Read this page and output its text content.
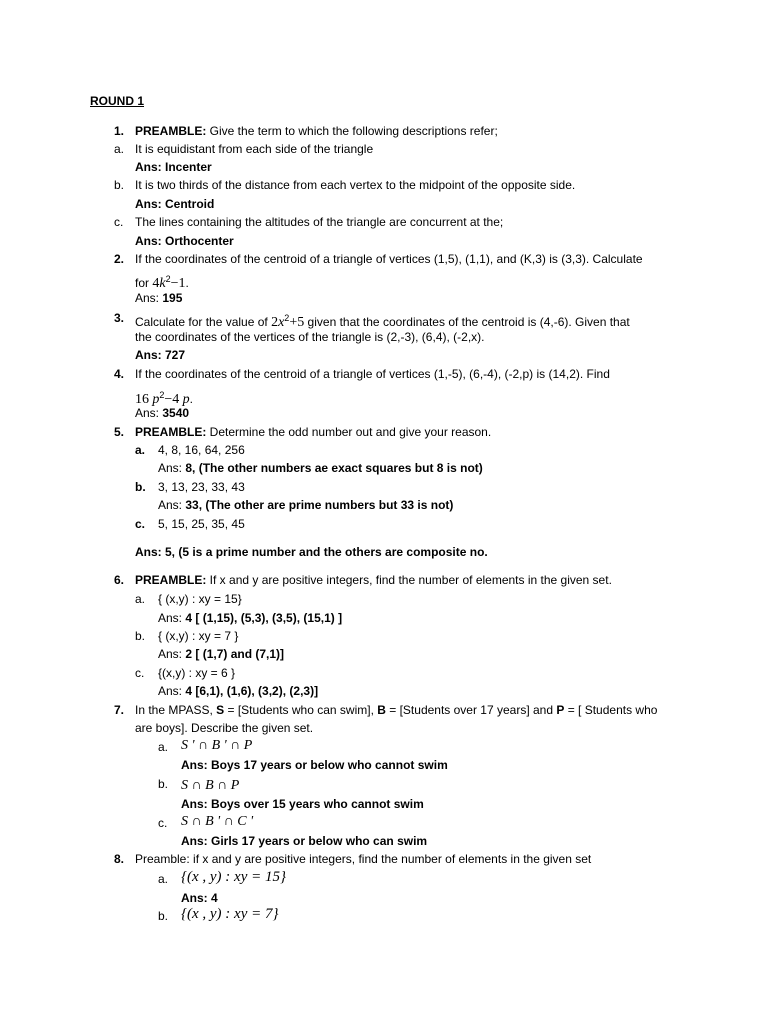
ROUND 1
1. PREAMBLE: Give the term to which the following descriptions refer;
a. It is equidistant from each side of the triangle
Ans: Incenter
b. It is two thirds of the distance from each vertex to the midpoint of the opposite side.
Ans: Centroid
c. The lines containing the altitudes of the triangle are concurrent at the;
Ans: Orthocenter
2. If the coordinates of the centroid of a triangle of vertices (1,5), (1,1), and (K,3) is (3,3). Calculate
for $4k^2-1$.
Ans: 195
3. Calculate for the value of $2x^2+5$ given that the coordinates of the centroid is (4,-6). Given that
the coordinates of the vertices of the triangle is (2,-3), (6,4), (-2,x).
Ans: 727
4. If the coordinates of the centroid of a triangle of vertices (1,-5), (6,-4), (-2,p) is (14,2). Find
16 $p^2-4$ p.
Ans: 3540
5. PREAMBLE: Determine the odd number out and give your reason.
a. 4, 8, 16, 64, 256
Ans: 8, (The other numbers ae exact squares but 8 is not)
b. 3, 13, 23, 33, 43
Ans: 33, (The other are prime numbers but 33 is not)
c. 5, 15, 25, 35, 45
Ans: 5, (5 is a prime number and the others are composite no.
6. PREAMBLE: If x and y are positive integers, find the number of elements in the given set.
a. { (x,y) : xy = 15}
Ans: 4 [ (1,15), (5,3), (3,5), (15,1) ]
b. { (x,y) : xy = 7 }
Ans: 2 [ (1,7) and (7,1)]
c. {(x,y) : xy = 6 }
Ans: 4 [6,1), (1,6), (3,2), (2,3)]
7. In the MPASS, S = [Students who can swim], B = [Students over 17 years] and P = [ Students who
are boys]. Describe the given set.
a. S ' ∩ B ' ∩ P
Ans: Boys 17 years or below who cannot swim
b. S ∩ B ∩ P
Ans: Boys over 15 years who cannot swim
c. S ∩ B ' ∩ C '
Ans: Girls 17 years or below who can swim
8. Preamble: if x and y are positive integers, find the number of elements in the given set
a. {(x , y) : xy = 15}
Ans: 4
b. {(x , y) : xy = 7}
